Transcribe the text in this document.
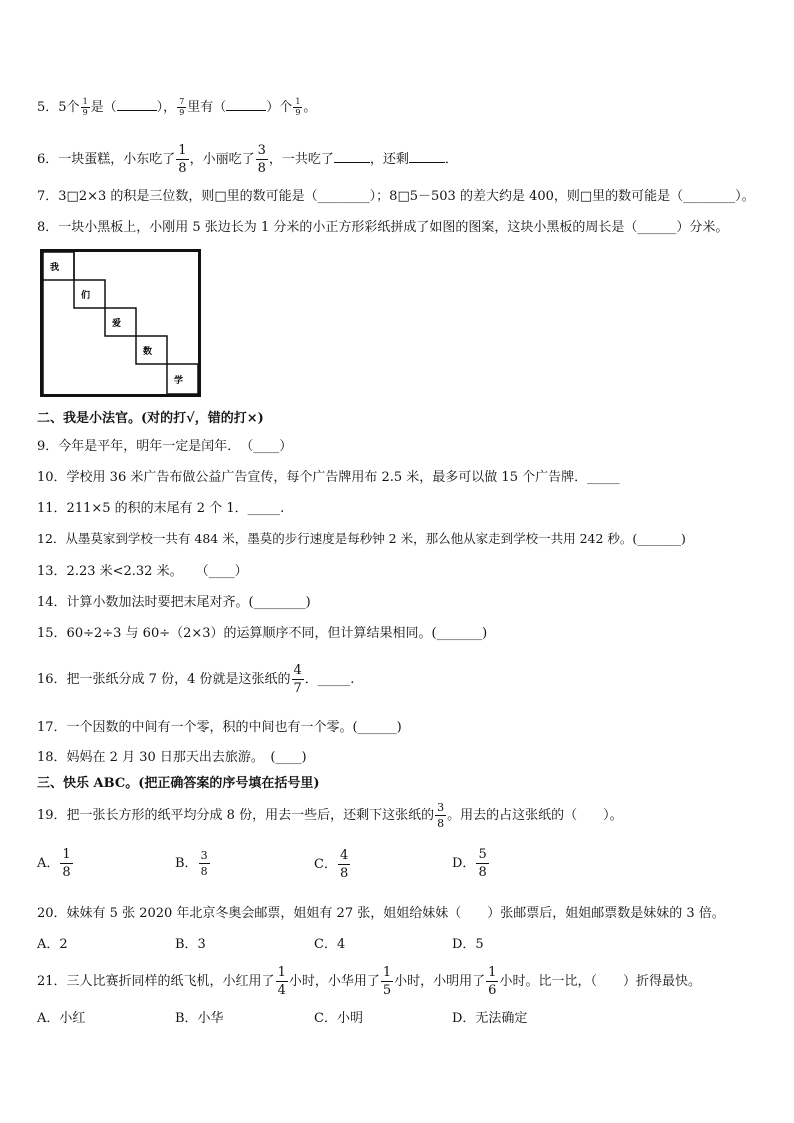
5．5个 $\frac{1}{9}$ 是（	）， $\frac{7}{9}$ 里有（	）个 $\frac{1}{9}$ 。
6．一块蛋糕，小东吃了 $\frac{1}{8}$ ，小丽吃了 $\frac{3}{8}$ ，一共吃了	，还剩	．
7．3□2×3 的积是三位数，则□里的数可能是（________）；8□5－503 的差大约是 400，则□里的数可能是（________）。
8．一块小黑板上，小刚用 5 张边长为 1 分米的小正方形彩纸拼成了如图的图案，这块小黑板的周长是（______）分米。
我
们
爱
数
学
二、我是小法官。(对的打√，错的打×)
9．今年是平年，明年一定是闰年．　（____）
10．学校用 36 米广告布做公益广告宣传，每个广告牌用布 2.5 米，最多可以做 15 个广告牌．_____
11．211×5 的积的末尾有 2 个 1．_____.
12．从墨莫家到学校一共有 484 米，墨莫的步行速度是每秒钟 2 米，那么他从家走到学校一共用 242 秒。(_______)
13．2.23 米<2.32 米。　　（____）
14．计算小数加法时要把末尾对齐。(________)
15．60÷2÷3 与 60÷（2×3）的运算顺序不同，但计算结果相同。(_______)
16．把一张纸分成 7 份，4 份就是这张纸的 $\frac{4}{7}$ ．_____.
17．一个因数的中间有一个零，积的中间也有一个零。(______)
18．妈妈在 2 月 30 日那天出去旅游。　(____)
三、快乐 ABC。(把正确答案的序号填在括号里)
19．把一张长方形的纸平均分成 8 份，用去一些后，还剩下这张纸的 $\frac{3}{8}$ 。用去的占这张纸的（　　）。
A． $\frac{1}{8}$	B． $\frac{3}{8}$	C． $\frac{4}{8}$	D． $\frac{5}{8}$
20．妹妹有 5 张 2020 年北京冬奥会邮票，姐姐有 27 张，姐姐给妹妹（　　）张邮票后，姐姐邮票数是妹妹的 3 倍。
A．2	B．3	C．4	D．5
21．三人比赛折同样的纸飞机，小红用了 $\frac{1}{4}$ 小时，小华用了 $\frac{1}{5}$ 小时，小明用了 $\frac{1}{6}$ 小时。比一比，（　　）折得最快。
A．小红	B．小华	C．小明	D．无法确定
